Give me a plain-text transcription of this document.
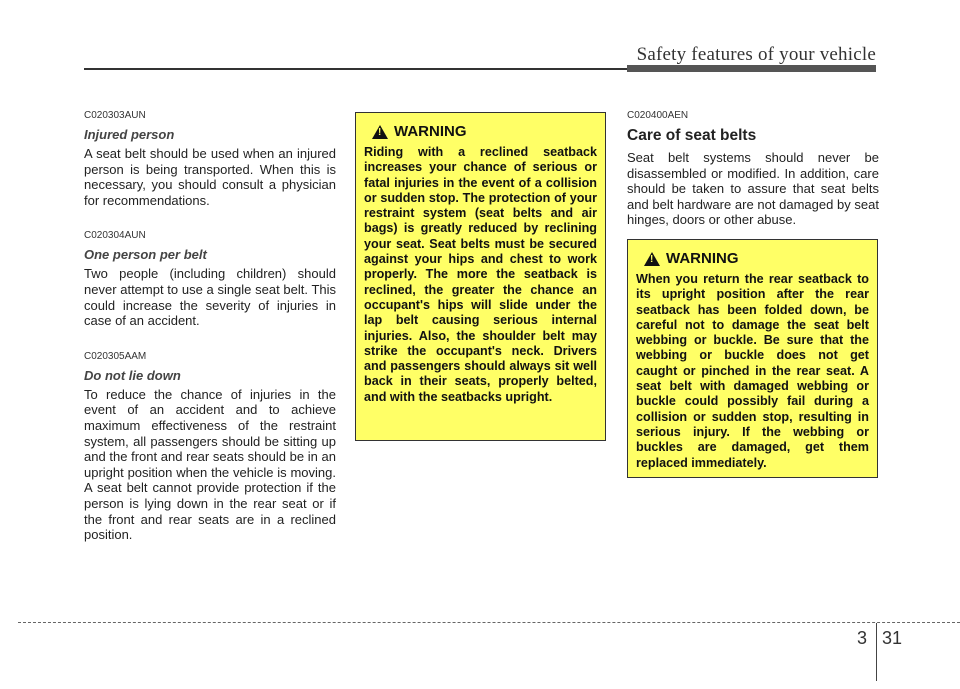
Safety features of your vehicle

C020303AUN

Injured person

A seat belt should be used when an injured person is being transported. When this is necessary, you should consult a physician for recommendations.

C020304AUN

One person per belt

Two people (including children) should never attempt to use a single seat belt. This could increase the severity of injuries in case of an accident.

C020305AAM

Do not lie down

To reduce the chance of injuries in the event of an accident and to achieve maximum effectiveness of the restraint system, all passengers should be sitting up and the front and rear seats should be in an upright position when the vehicle is moving. A seat belt cannot provide protection if the person is lying down in the rear seat or if the front and rear seats are in a reclined position.

!
WARNING

Riding with a reclined seatback increases your chance of serious or fatal injuries in the event of a collision or sudden stop. The protection of your restraint system (seat belts and air bags) is greatly reduced by reclining your seat. Seat belts must be secured against your hips and chest to work properly. The more the seatback is reclined, the greater the chance an occupant's hips will slide under the lap belt causing serious internal injuries. Also, the shoulder belt may strike the occupant's neck. Drivers and passengers should always sit well back in their seats, properly belted, and with the seatbacks upright.

C020400AEN

Care of seat belts

Seat belt systems should never be disassembled or modified. In addition, care should be taken to assure that seat belts and belt hardware are not damaged by seat hinges, doors or other abuse.

!
WARNING

When you return the rear seatback to its upright position after the rear seatback has been folded down, be careful not to damage the seat belt webbing or buckle. Be sure that the webbing or buckle does not get caught or pinched in the rear seat. A seat belt with damaged webbing or buckle could possibly fail during a collision or sudden stop, resulting in serious injury. If the webbing or buckles are damaged, get them replaced immediately.

3 31
